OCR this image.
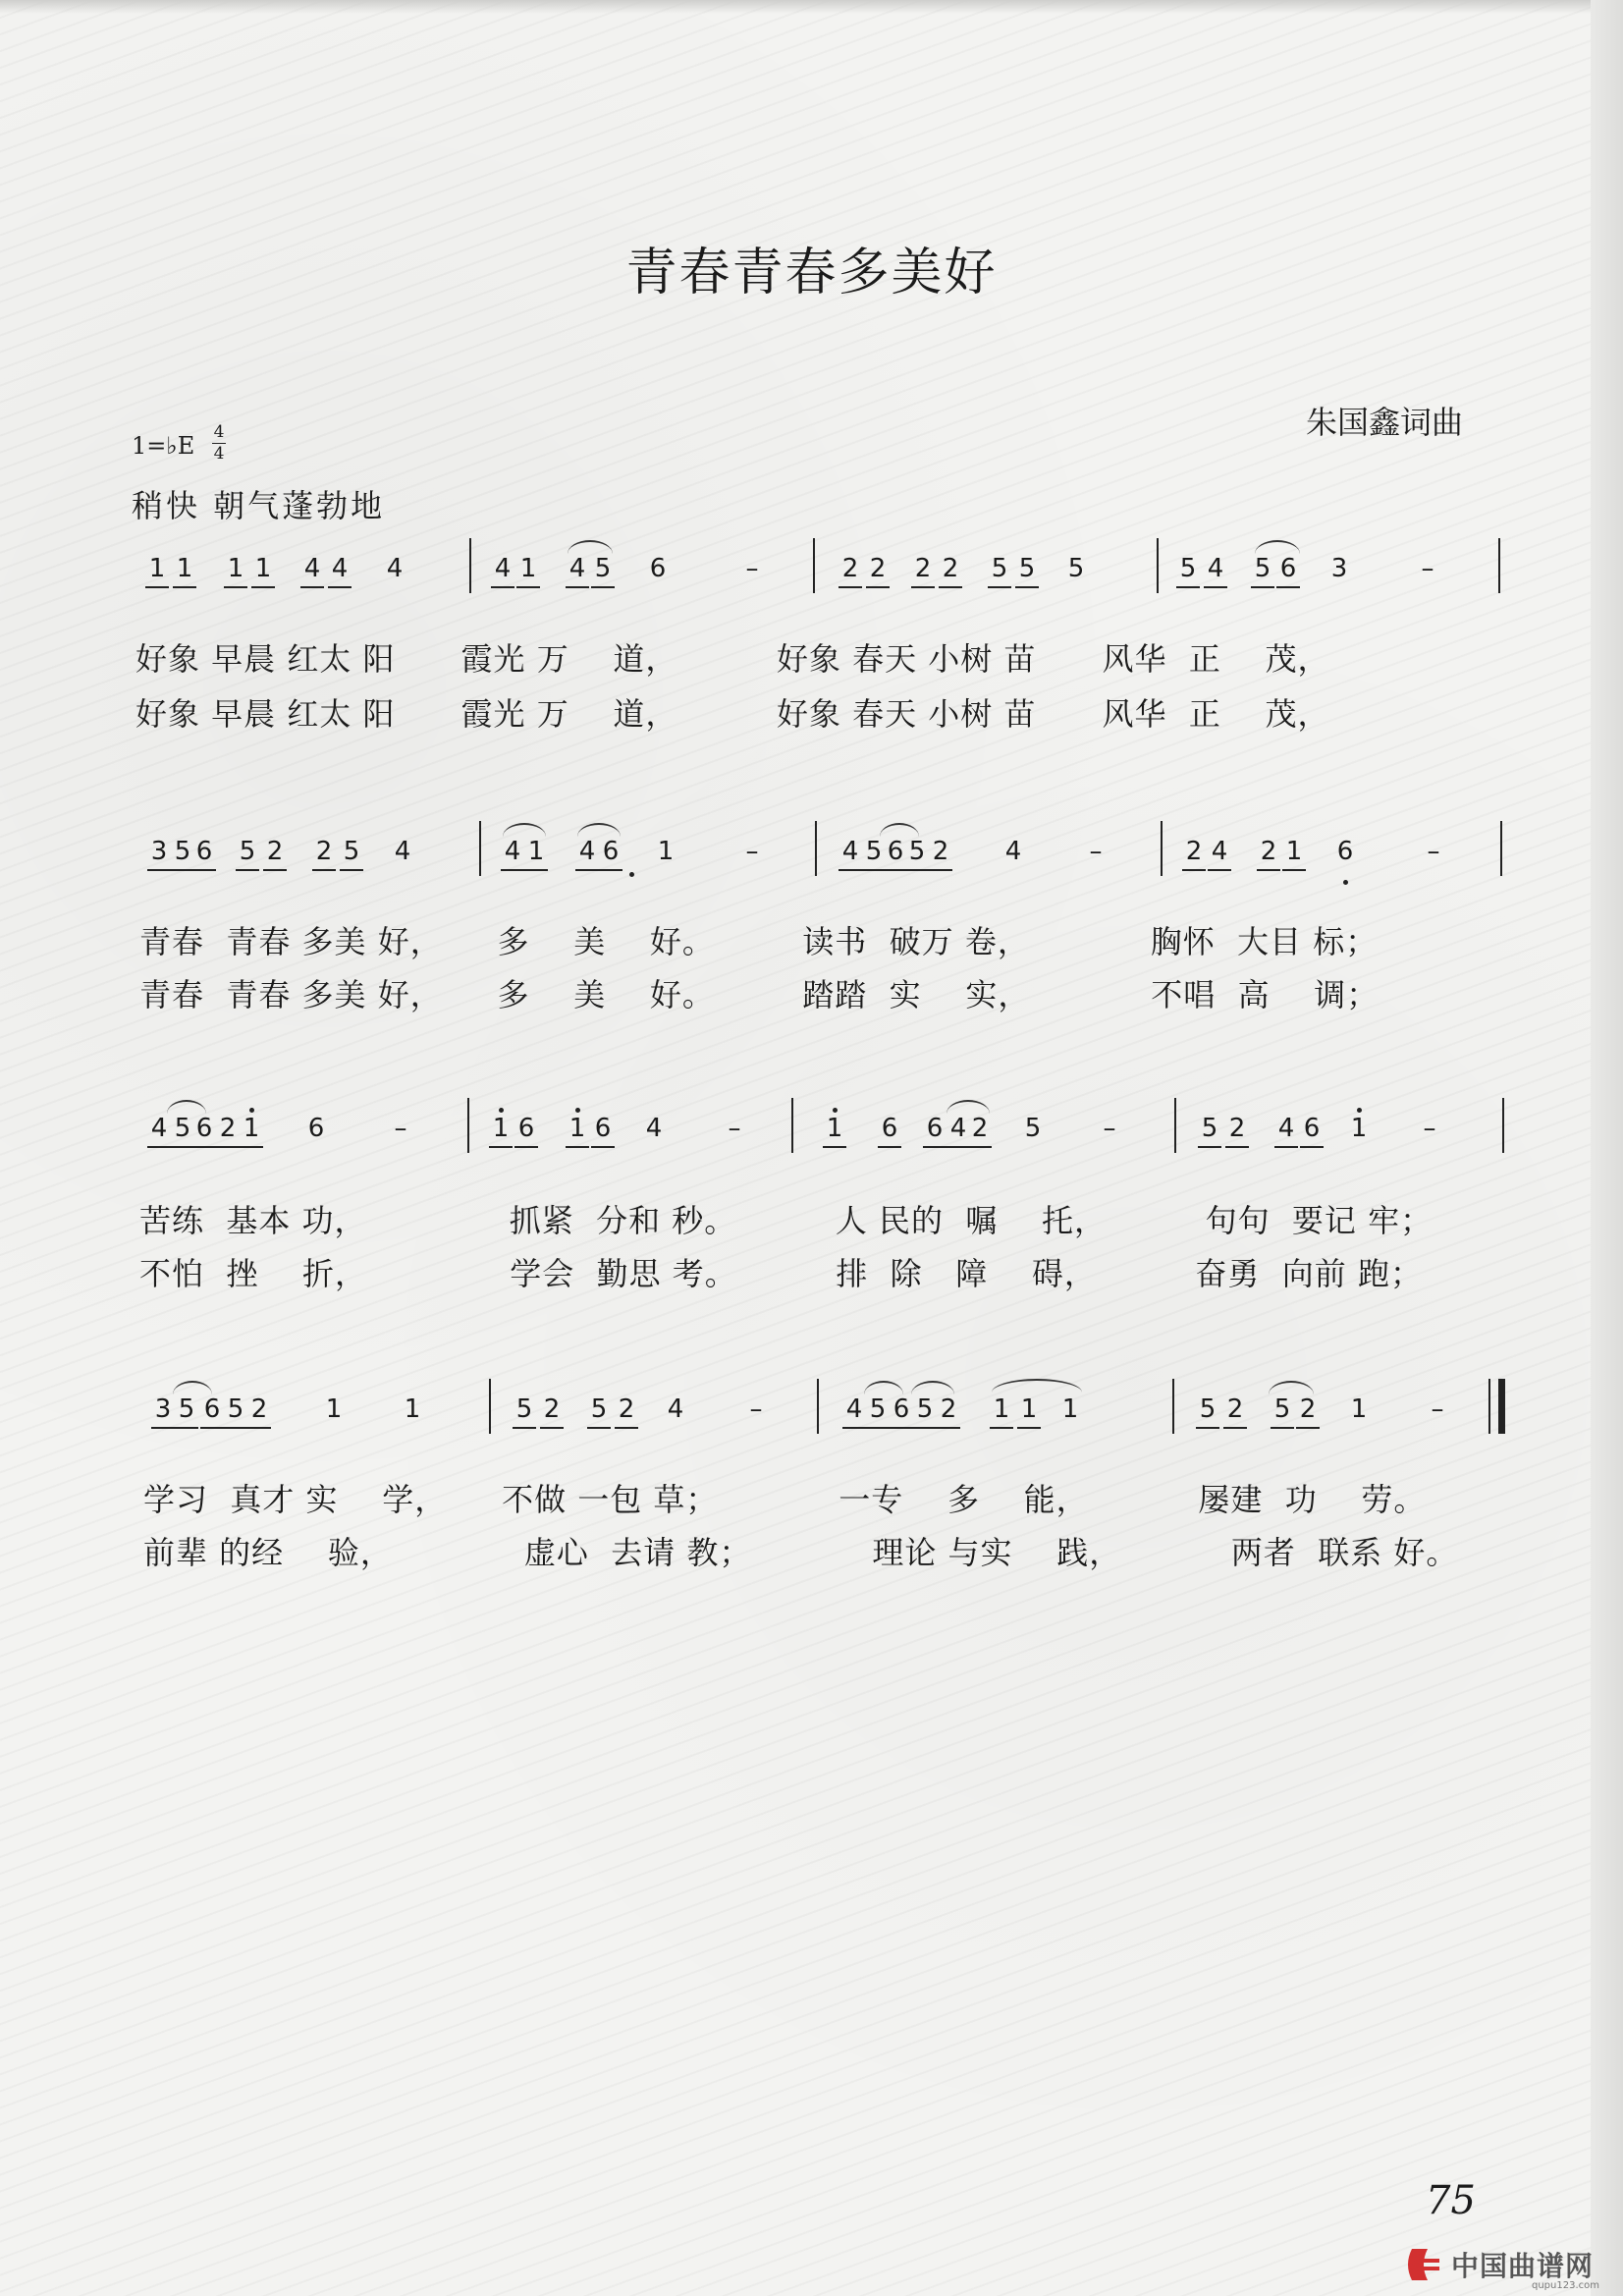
青春青春多美好
朱国鑫词曲
1=♭E 4
4
稍快 朝气蓬勃地
1 1 1 1 4 4 4	4 1 4 5 6	–	2 2 2 2 5 5 5	5 4 5 6 3	–
好象 早晨 红太 阳      霞光 万    道，         好象 春天 小树 苗      风华  正    茂，
好象 早晨 红太 阳      霞光 万    道，         好象 春天 小树 苗      风华  正    茂，
3 5 6 5 2 2 5 4	4 1 4 6 1	–	4 5 6 5 2 4	–	2 4 2 1 6	–
青春  青春 多美 好，     多    美    好。        读书  破万 卷，           胸怀  大目 标；
青春  青春 多美 好，     多    美    好。        踏踏  实    实，           不唱  高    调；
4 5 6 2 1 6	–	1 6 1 6 4	–	1 6 6 4 2 5 –	5 2 4 6 1 –
苦练  基本 功，             抓紧  分和 秒。         人 民的  嘱    托，         句句  要记 牢；
不怕  挫    折，             学会  勤思 考。         排  除   障    碍，         奋勇  向前 跑；
3 5 6 5 2 1 1	5 2 5 2 4	–	4 5 6 5 2 1 1 1	5 2 5 2 1	–
学习  真才 实    学，     不做 一包 草；           一专    多    能，          屡建  功    劳。
前辈 的经    验，            虚心  去请 教；           理论 与实    践，          两者  联系 好。
75
中国曲谱网
qupu123.com
